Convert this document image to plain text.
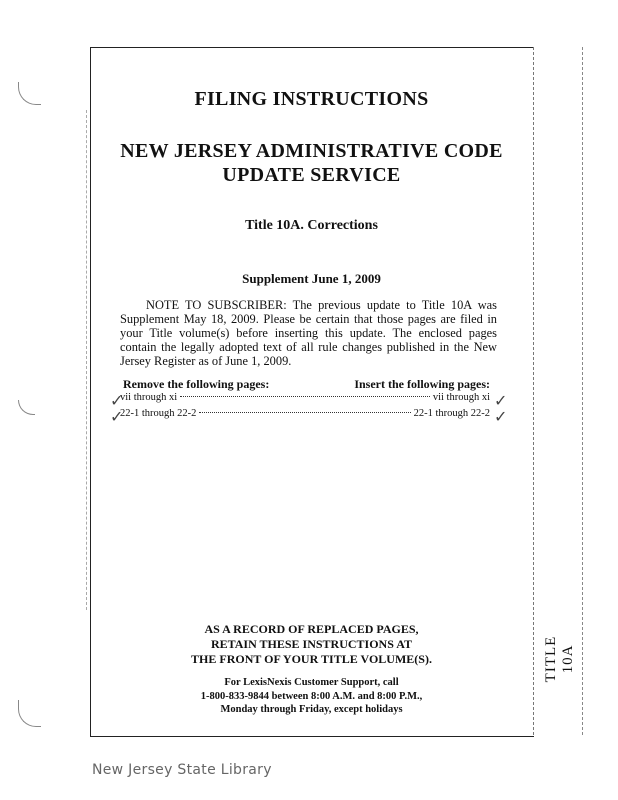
TITLE 10A
FILING INSTRUCTIONS
NEW JERSEY ADMINISTRATIVE CODE
UPDATE SERVICE
Title 10A. Corrections
Supplement June 1, 2009
NOTE TO SUBSCRIBER: The previous update to Title 10A was Supplement May 18, 2009. Please be certain that those pages are filed in your Title volume(s) before inserting this update. The enclosed pages contain the legally adopted text of all rule changes published in the New Jersey Register as of June 1, 2009.
Remove the following pages:	Insert the following pages:
vii through xi	vii through xi
22-1 through 22-2	22-1 through 22-2
✓
✓
✓
✓
AS A RECORD OF REPLACED PAGES,
RETAIN THESE INSTRUCTIONS AT
THE FRONT OF YOUR TITLE VOLUME(S).
For LexisNexis Customer Support, call
1-800-833-9844 between 8:00 A.M. and 8:00 P.M.,
Monday through Friday, except holidays
New Jersey State Library
